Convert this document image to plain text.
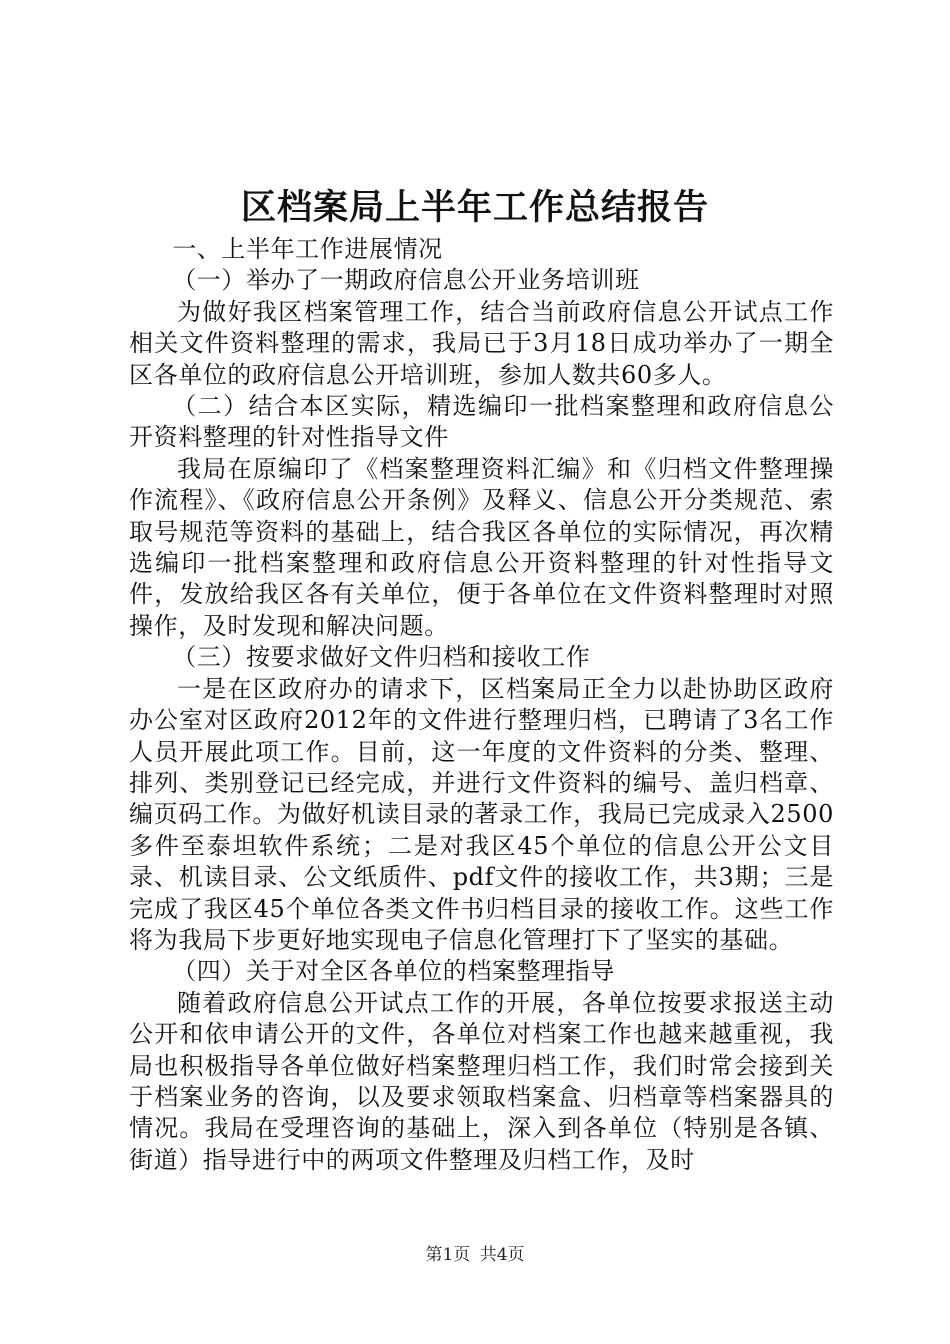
区档案局上半年工作总结报告

一、上半年工作进展情况

（一）举办了一期政府信息公开业务培训班

为做好我区档案管理工作，结合当前政府信息公开试点工作相关文件资料整理的需求，我局已于3月18日成功举办了一期全区各单位的政府信息公开培训班，参加人数共60多人。

（二）结合本区实际，精选编印一批档案整理和政府信息公开资料整理的针对性指导文件

我局在原编印了《档案整理资料汇编》和《归档文件整理操作流程》、《政府信息公开条例》及释义、信息公开分类规范、索取号规范等资料的基础上，结合我区各单位的实际情况，再次精选编印一批档案整理和政府信息公开资料整理的针对性指导文件，发放给我区各有关单位，便于各单位在文件资料整理时对照操作，及时发现和解决问题。

（三）按要求做好文件归档和接收工作

一是在区政府办的请求下，区档案局正全力以赴协助区政府办公室对区政府2012年的文件进行整理归档，已聘请了3名工作人员开展此项工作。目前，这一年度的文件资料的分类、整理、排列、类别登记已经完成，并进行文件资料的编号、盖归档章、编页码工作。为做好机读目录的著录工作，我局已完成录入2500多件至泰坦软件系统；二是对我区45个单位的信息公开公文目录、机读目录、公文纸质件、pdf文件的接收工作，共3期；三是完成了我区45个单位各类文件书归档目录的接收工作。这些工作将为我局下步更好地实现电子信息化管理打下了坚实的基础。

（四）关于对全区各单位的档案整理指导

随着政府信息公开试点工作的开展，各单位按要求报送主动公开和依申请公开的文件，各单位对档案工作也越来越重视，我局也积极指导各单位做好档案整理归档工作，我们时常会接到关于档案业务的咨询，以及要求领取档案盒、归档章等档案器具的情况。我局在受理咨询的基础上，深入到各单位（特别是各镇、街道）指导进行中的两项文件整理及归档工作，及时

第1页 共4页
